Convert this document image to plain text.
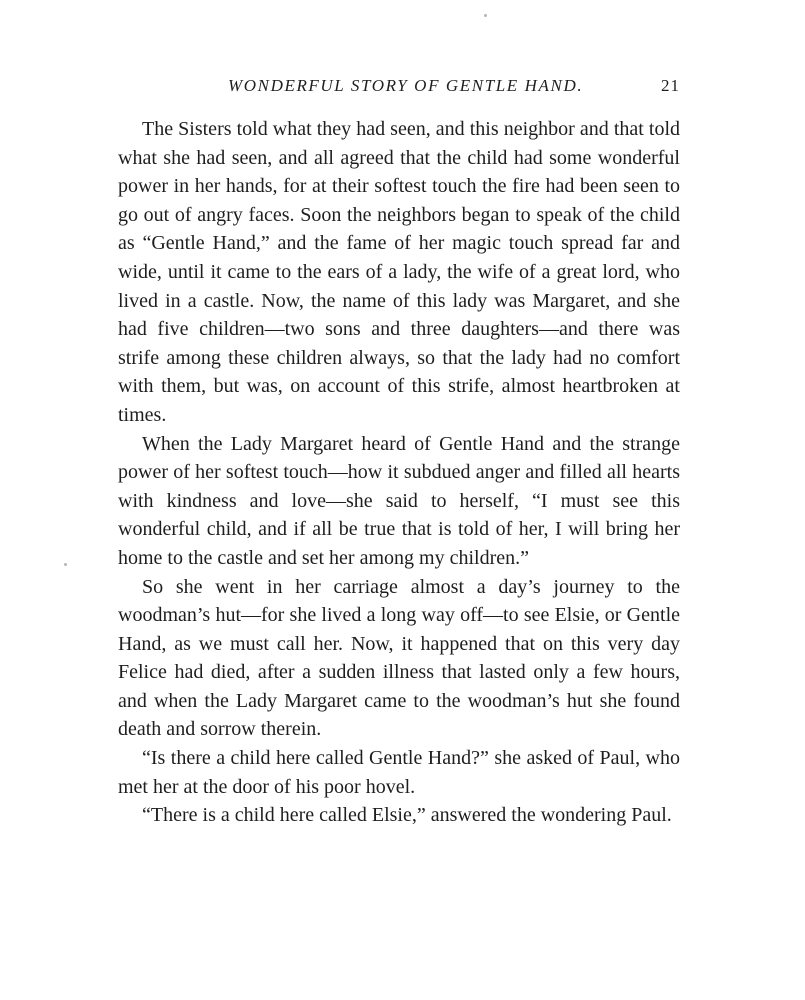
WONDERFUL STORY OF GENTLE HAND.	21

The Sisters told what they had seen, and this neighbor and that told what she had seen, and all agreed that the child had some wonderful power in her hands, for at their softest touch the fire had been seen to go out of angry faces. Soon the neighbors began to speak of the child as “Gentle Hand,” and the fame of her magic touch spread far and wide, until it came to the ears of a lady, the wife of a great lord, who lived in a castle. Now, the name of this lady was Margaret, and she had five children—two sons and three daughters—and there was strife among these children always, so that the lady had no comfort with them, but was, on account of this strife, almost heartbroken at times.

When the Lady Margaret heard of Gentle Hand and the strange power of her softest touch—how it subdued anger and filled all hearts with kindness and love—she said to herself, “I must see this wonderful child, and if all be true that is told of her, I will bring her home to the castle and set her among my children.”

So she went in her carriage almost a day’s journey to the woodman’s hut—for she lived a long way off—to see Elsie, or Gentle Hand, as we must call her. Now, it happened that on this very day Felice had died, after a sudden illness that lasted only a few hours, and when the Lady Margaret came to the woodman’s hut she found death and sorrow therein.

“Is there a child here called Gentle Hand?” she asked of Paul, who met her at the door of his poor hovel.

“There is a child here called Elsie,” answered the wondering Paul.
